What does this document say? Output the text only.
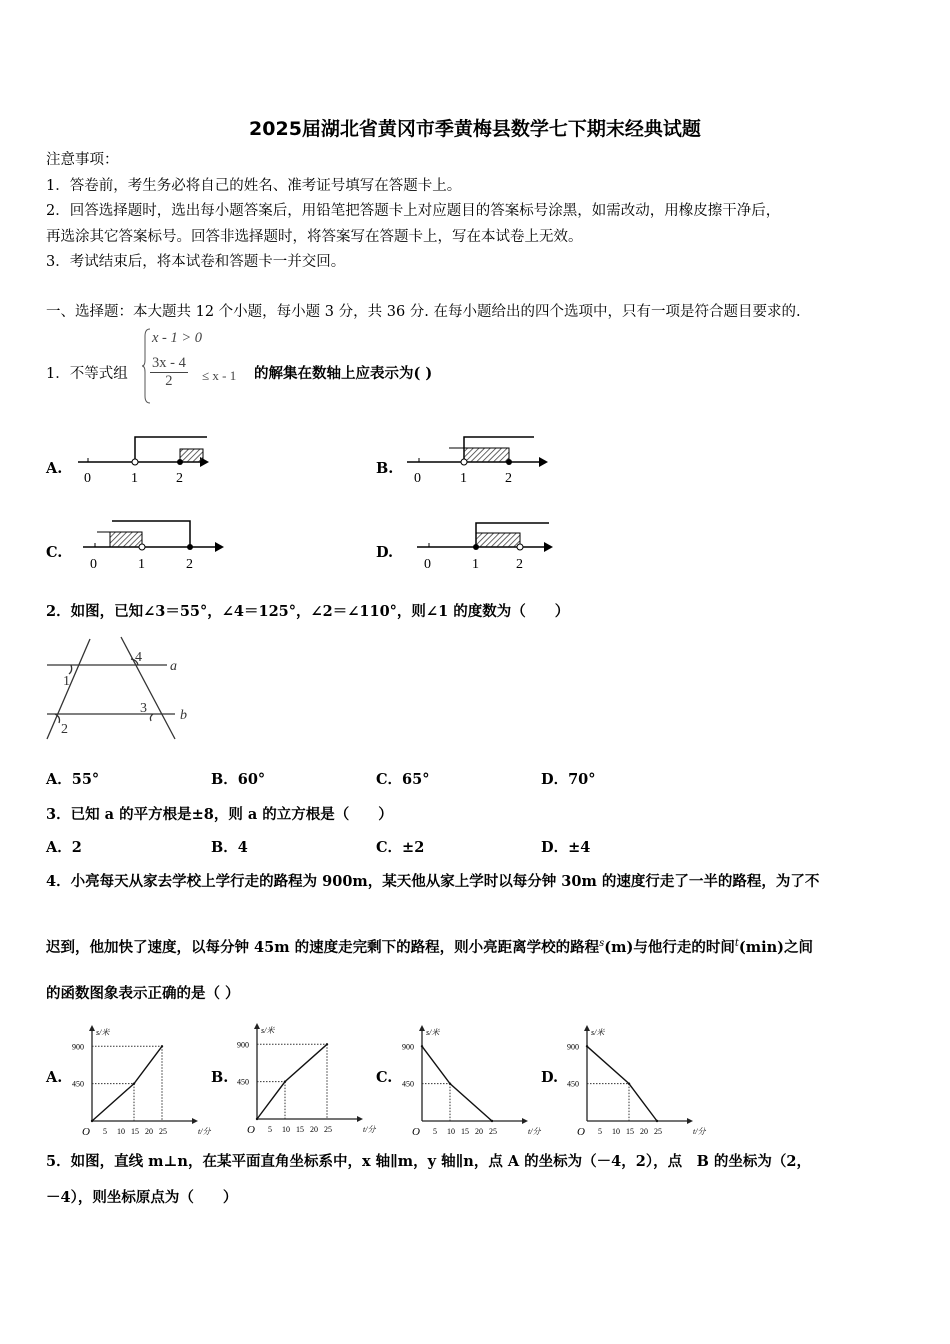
2025届湖北省黄冈市季黄梅县数学七下期末经典试题
注意事项：
1．答卷前，考生务必将自己的姓名、准考证号填写在答题卡上。
2．回答选择题时，选出每小题答案后，用铅笔把答题卡上对应题目的答案标号涂黑，如需改动，用橡皮擦干净后，
再选涂其它答案标号。回答非选择题时，将答案写在答题卡上，写在本试卷上无效。
3．考试结束后，将本试卷和答题卡一并交回。
一、选择题：本大题共 12 个小题，每小题 3 分，共 36 分. 在每小题给出的四个选项中，只有一项是符合题目要求的.
1．不等式组
x - 1 > 0
$\frac{3x - 4}{2} \le x - 1$ 的解集在数轴上应表示为( )
A.
0	1	2
B.
0	1	2
C.
0	1	2
D.
0	1	2
2．如图，已知∠3＝55°，∠4＝125°，∠2＝∠110°，则∠1 的度数为（　　）
a
b
1
2
3
4
A．55°	B．60°	C．65°	D．70°
3．已知 a 的平方根是±8，则 a 的立方根是（　　）
A．2	B．4	C．±2	D．±4
4．小亮每天从家去学校上学行走的路程为 900m，某天他从家上学时以每分钟 30m 的速度行走了一半的路程，为了不
迟到，他加快了速度，以每分钟 45m 的速度走完剩下的路程，则小亮距离学校的路程$^s$(m)与他行走的时间$^t$(min)之间
的函数图象表示正确的是（ ）
A.	B.	C.	D.
s/米
t/分
O 5 10 15 20 25
900
450
s/米
t/分
O 5 10 15 20 25
900
450
s/米
t/分
O 5 10 15 20 25
900
450
s/米
t/分
O 5 10 15 20 25
900
450
5．如图，直线 m⊥n，在某平面直角坐标系中，x 轴∥m，y 轴∥n，点 A 的坐标为（－4，2），点　B 的坐标为（2，
－4），则坐标原点为（　　）
